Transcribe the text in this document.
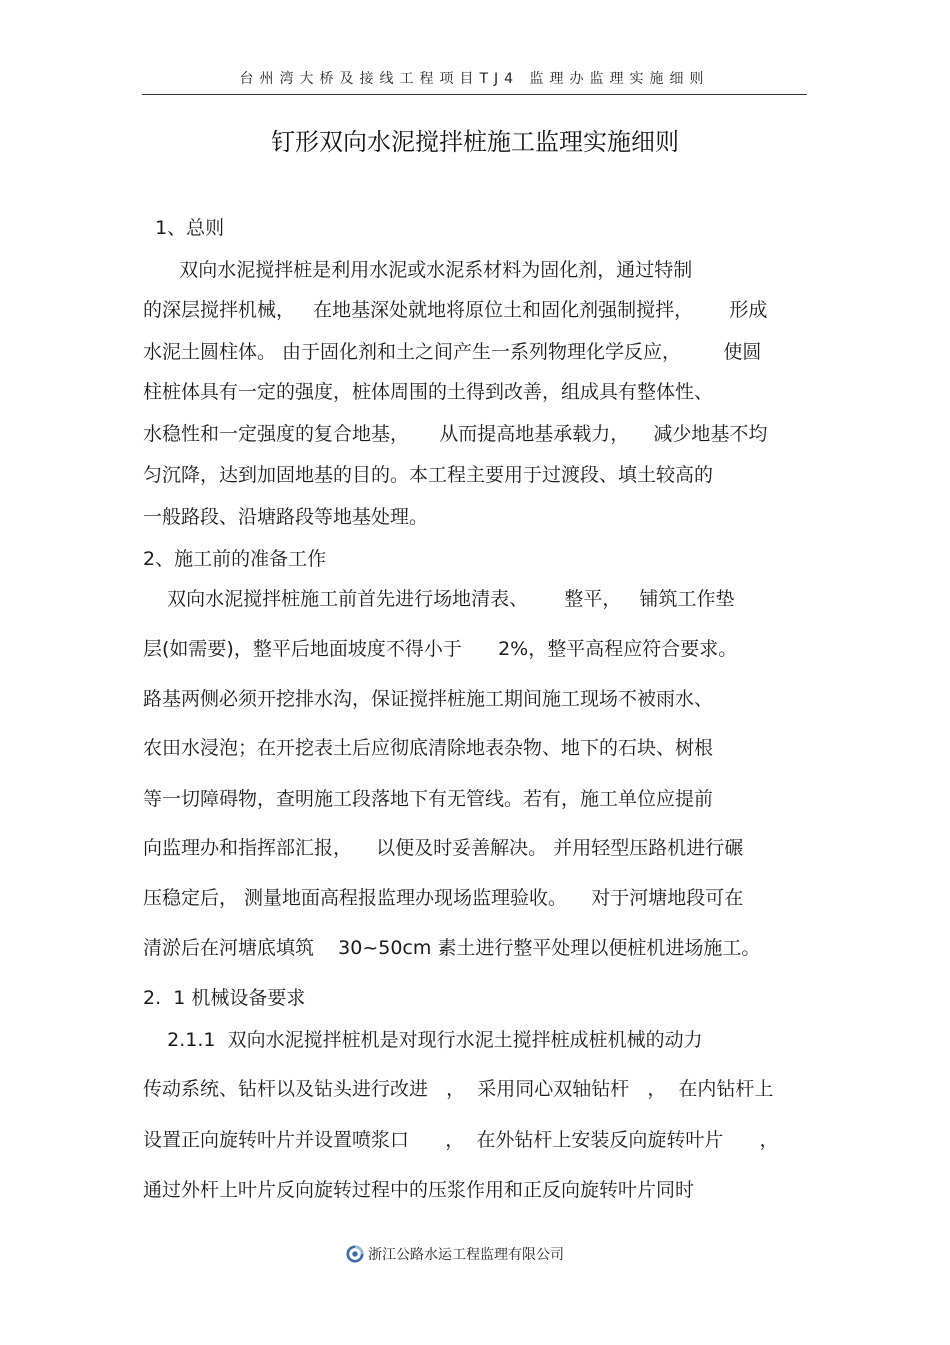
台州湾大桥及接线工程项目TJ4 监理办监理实施细则
钉形双向水泥搅拌桩施工监理实施细则
1、总则
双向水泥搅拌桩是利用水泥或水泥系材料为固化剂，通过特制
的深层搅拌机械，   在地基深处就地将原位土和固化剂强制搅拌，      形成
水泥土圆柱体。 由于固化剂和土之间产生一系列物理化学反应，       使圆
柱桩体具有一定的强度，桩体周围的土得到改善，组成具有整体性、
水稳性和一定强度的复合地基，     从而提高地基承载力，    减少地基不均
匀沉降，达到加固地基的目的。本工程主要用于过渡段、填土较高的
一般路段、沿塘路段等地基处理。
2、施工前的准备工作
双向水泥搅拌桩施工前首先进行场地清表、      整平，   铺筑工作垫
层(如需要)，整平后地面坡度不得小于      2%，整平高程应符合要求。
路基两侧必须开挖排水沟，保证搅拌桩施工期间施工现场不被雨水、
农田水浸泡；在开挖表土后应彻底清除地表杂物、地下的石块、树根
等一切障碍物，查明施工段落地下有无管线。若有，施工单位应提前
向监理办和指挥部汇报，    以便及时妥善解决。 并用轻型压路机进行碾
压稳定后， 测量地面高程报监理办现场监理验收。    对于河塘地段可在
清淤后在河塘底填筑    30~50cm 素土进行整平处理以便桩机进场施工。
2.  1 机械设备要求
2.1.1  双向水泥搅拌桩机是对现行水泥土搅拌桩成桩机械的动力
传动系统、钻杆以及钻头进行改进   ，  采用同心双轴钻杆   ，  在内钻杆上
设置正向旋转叶片并设置喷浆口      ，  在外钻杆上安装反向旋转叶片      ，
通过外杆上叶片反向旋转过程中的压浆作用和正反向旋转叶片同时
浙江公路水运工程监理有限公司
